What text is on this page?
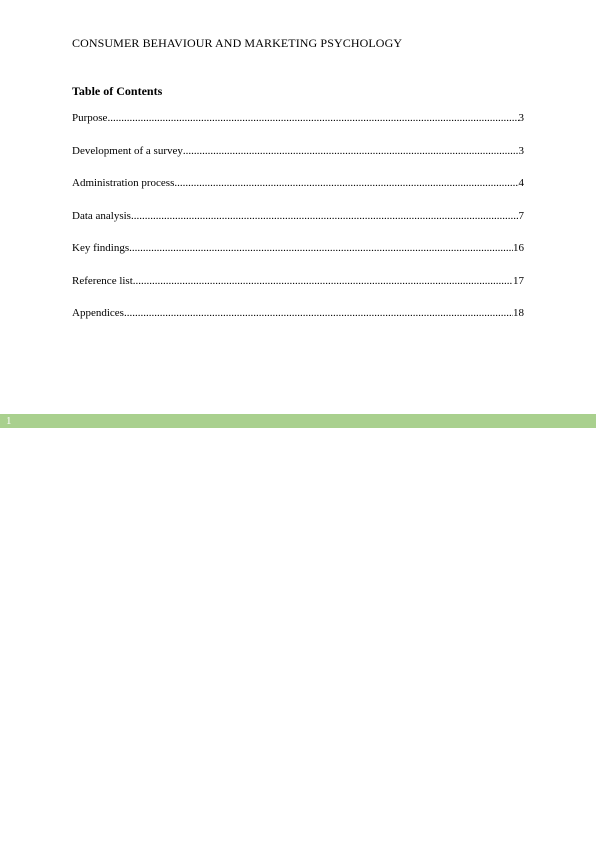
CONSUMER BEHAVIOUR AND MARKETING PSYCHOLOGY
Table of Contents
Purpose .....	3
Development of a survey .....	3
Administration process .....	4
Data analysis .....	7
Key findings .....	16
Reference list .....	17
Appendices .....	18
1
